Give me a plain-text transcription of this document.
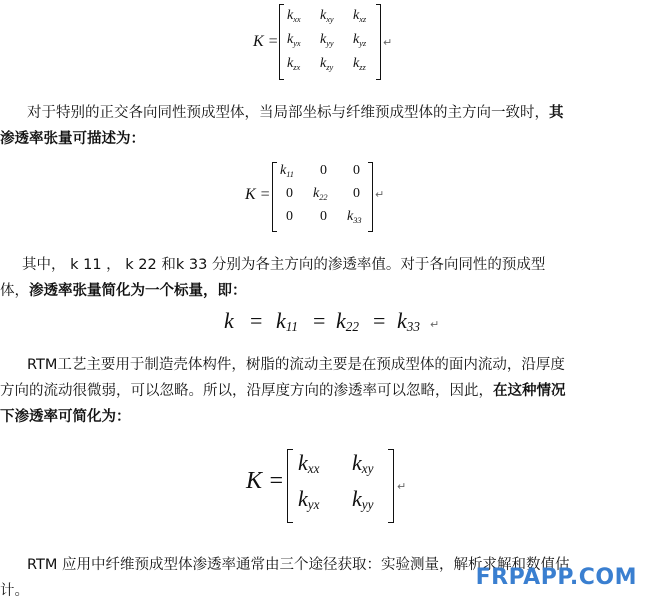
K =
$k_{xx}$ $k_{xy}$ $k_{xz}$
$k_{yx}$ $k_{yy}$ $k_{yz}$
$k_{zx}$ $k_{zy}$ $k_{zz}$
↵
对于特别的正交各向同性预成型体，当局部坐标与纤维预成型体的主方向一致时，其
渗透率张量可描述为：
K =
$k_{11}$ 0 0
0 $k_{22}$ 0
0 0 $k_{33}$
↵
其中， k 11 ， k 22 和k 33 分别为各主方向的渗透率值。对于各向同性的预成型
体，渗透率张量简化为一个标量，即：
$k = k_{11} = k_{22} = k_{33}$ ↵
RTM工艺主要用于制造壳体构件，树脂的流动主要是在预成型体的面内流动，沿厚度
方向的流动很微弱，可以忽略。所以，沿厚度方向的渗透率可以忽略，因此，在这种情况
下渗透率可简化为：
K =
$k_{xx}$ $k_{xy}$
$k_{yx}$ $k_{yy}$
↵
RTM 应用中纤维预成型体渗透率通常由三个途径获取：实验测量，解析求解和数值估
计。
FRPAPP.COM
